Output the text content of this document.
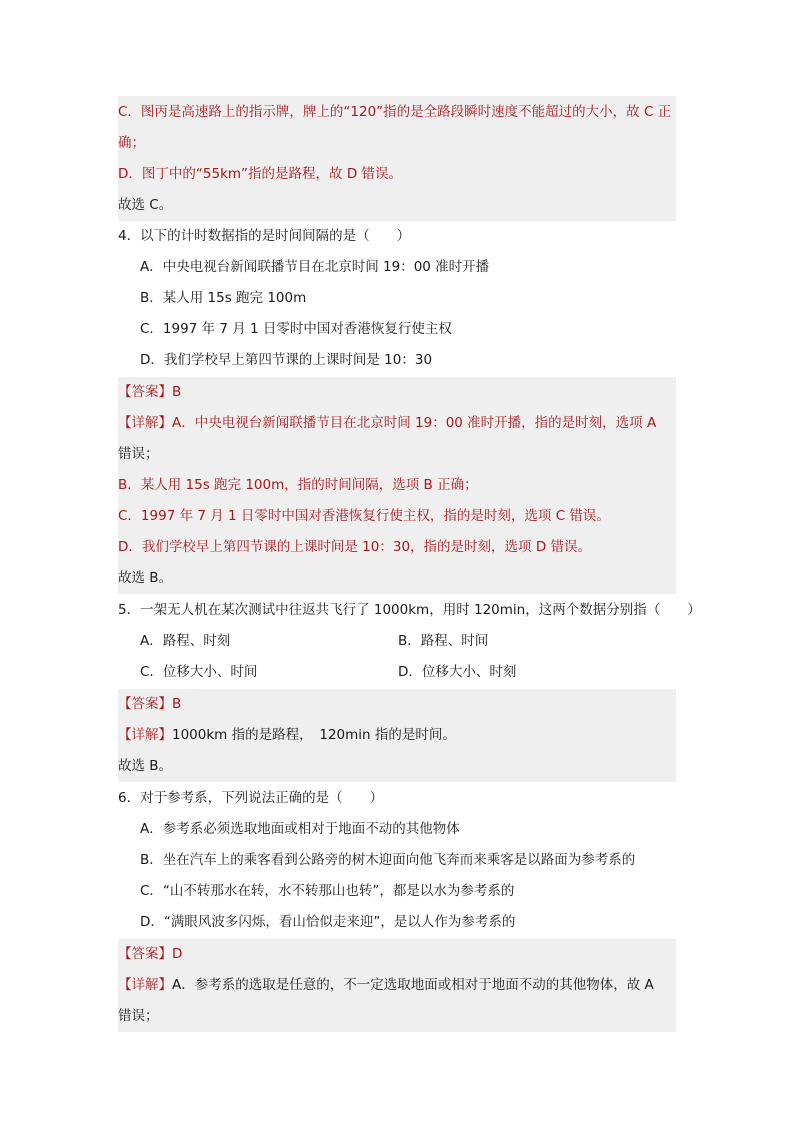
C．图丙是高速路上的指示牌，牌上的“120”指的是全路段瞬时速度不能超过的大小，故 C 正
确；
D．图丁中的“55km”指的是路程，故 D 错误。
故选 C。
4．以下的计时数据指的是时间间隔的是（　　）
A．中央电视台新闻联播节目在北京时间 19：00 准时开播
B．某人用 15s 跑完 100m
C．1997 年 7 月 1 日零时中国对香港恢复行使主权
D．我们学校早上第四节课的上课时间是 10：30
【答案】B
【详解】A．中央电视台新闻联播节目在北京时间 19：00 准时开播，指的是时刻，选项 A
错误；
B．某人用 15s 跑完 100m，指的时间间隔，选项 B 正确；
C．1997 年 7 月 1 日零时中国对香港恢复行使主权，指的是时刻，选项 C 错误。
D．我们学校早上第四节课的上课时间是 10：30，指的是时刻，选项 D 错误。
故选 B。
5．一架无人机在某次测试中往返共飞行了 1000km，用时 120min，这两个数据分别指（　　）
A．路程、时刻	B．路程、时间
C．位移大小、时间	D．位移大小、时刻
【答案】B
【详解】1000km 指的是路程，　120min 指的是时间。
故选 B。
6．对于参考系，下列说法正确的是（　　）
A．参考系必须选取地面或相对于地面不动的其他物体
B．坐在汽车上的乘客看到公路旁的树木迎面向他飞奔而来乘客是以路面为参考系的
C．“山不转那水在转，水不转那山也转”，都是以水为参考系的
D．“满眼风波多闪烁，看山恰似走来迎”，是以人作为参考系的
【答案】D
【详解】A．参考系的选取是任意的，不一定选取地面或相对于地面不动的其他物体，故 A
错误；
